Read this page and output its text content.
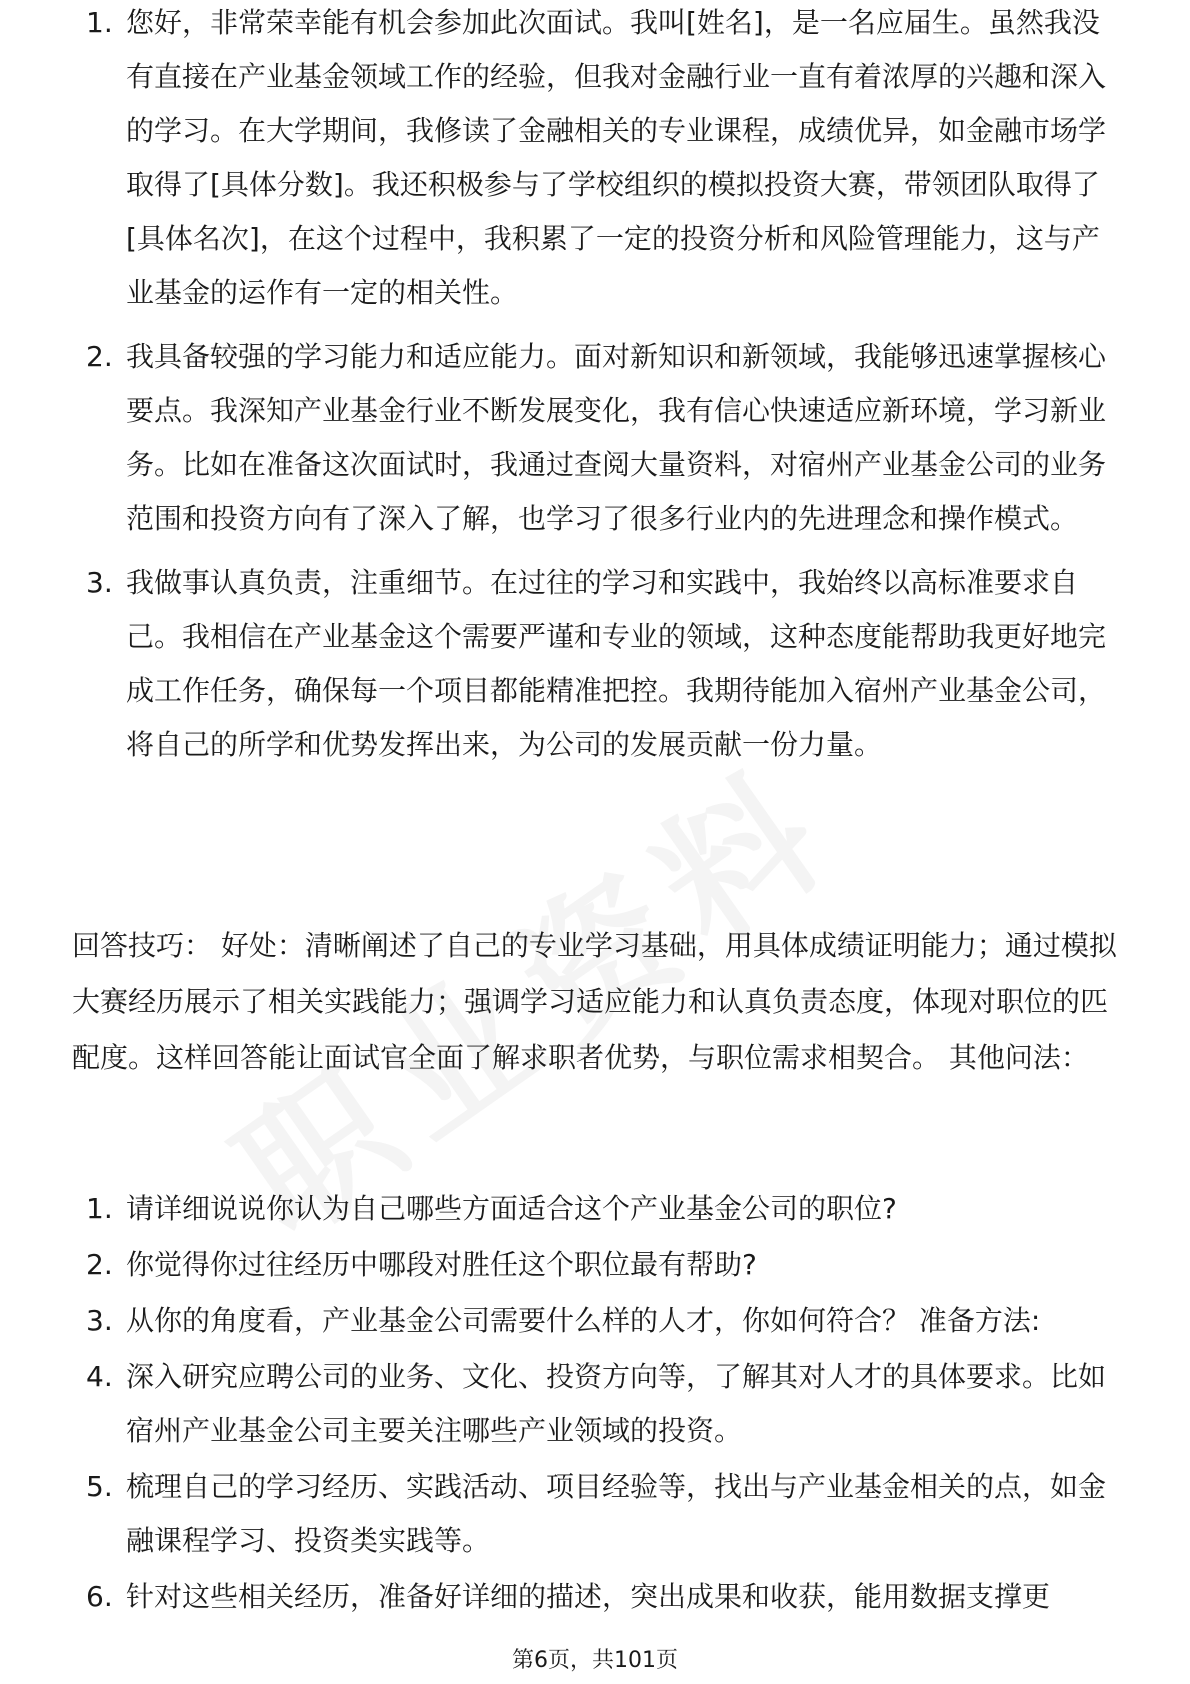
1. 您好，非常荣幸能有机会参加此次面试。我叫[姓名]，是一名应届生。虽然我没有直接在产业基金领域工作的经验，但我对金融行业一直有着浓厚的兴趣和深入的学习。在大学期间，我修读了金融相关的专业课程，成绩优异，如金融市场学取得了[具体分数]。我还积极参与了学校组织的模拟投资大赛，带领团队取得了[具体名次]，在这个过程中，我积累了一定的投资分析和风险管理能力，这与产业基金的运作有一定的相关性。
2. 我具备较强的学习能力和适应能力。面对新知识和新领域，我能够迅速掌握核心要点。我深知产业基金行业不断发展变化，我有信心快速适应新环境，学习新业务。比如在准备这次面试时，我通过查阅大量资料，对宿州产业基金公司的业务范围和投资方向有了深入了解，也学习了很多行业内的先进理念和操作模式。
3. 我做事认真负责，注重细节。在过往的学习和实践中，我始终以高标准要求自己。我相信在产业基金这个需要严谨和专业的领域，这种态度能帮助我更好地完成工作任务，确保每一个项目都能精准把控。我期待能加入宿州产业基金公司，将自己的所学和优势发挥出来，为公司的发展贡献一份力量。

回答技巧： 好处：清晰阐述了自己的专业学习基础，用具体成绩证明能力；通过模拟大赛经历展示了相关实践能力；强调学习适应能力和认真负责态度，体现对职位的匹配度。这样回答能让面试官全面了解求职者优势，与职位需求相契合。 其他问法：

1. 请详细说说你认为自己哪些方面适合这个产业基金公司的职位?
2. 你觉得你过往经历中哪段对胜任这个职位最有帮助?
3. 从你的角度看，产业基金公司需要什么样的人才，你如何符合？ 准备方法:
4. 深入研究应聘公司的业务、文化、投资方向等，了解其对人才的具体要求。比如宿州产业基金公司主要关注哪些产业领域的投资。
5. 梳理自己的学习经历、实践活动、项目经验等，找出与产业基金相关的点，如金融课程学习、投资类实践等。
6. 针对这些相关经历，准备好详细的描述，突出成果和收获，能用数据支撑更
第6页，共101页
